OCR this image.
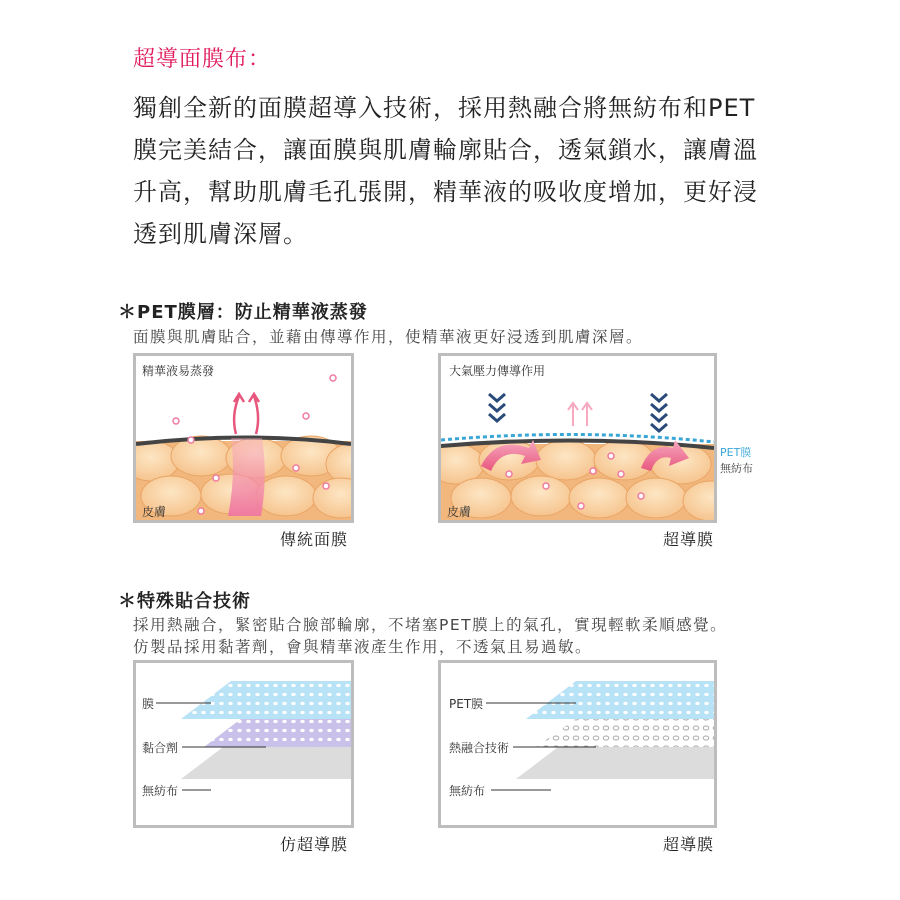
超導面膜布：
獨創全新的面膜超導入技術，採用熱融合將無紡布和PET
膜完美結合，讓面膜與肌膚輪廓貼合，透氣鎖水，讓膚溫
升高，幫助肌膚毛孔張開，精華液的吸收度增加，更好浸
透到肌膚深層。
＊PET膜層：防止精華液蒸發
面膜與肌膚貼合，並藉由傳導作用，使精華液更好浸透到肌膚深層。
精華液易蒸發
皮膚
傳統面膜
大氣壓力傳導作用
皮膚
PET膜
無紡布
超導膜
＊特殊貼合技術
採用熱融合，緊密貼合臉部輪廓，不堵塞PET膜上的氣孔，實現輕軟柔順感覺。
仿製品採用黏著劑，會與精華液產生作用，不透氣且易過敏。
膜
黏合劑
無紡布
仿超導膜
PET膜
熱融合技術
無紡布
超導膜
